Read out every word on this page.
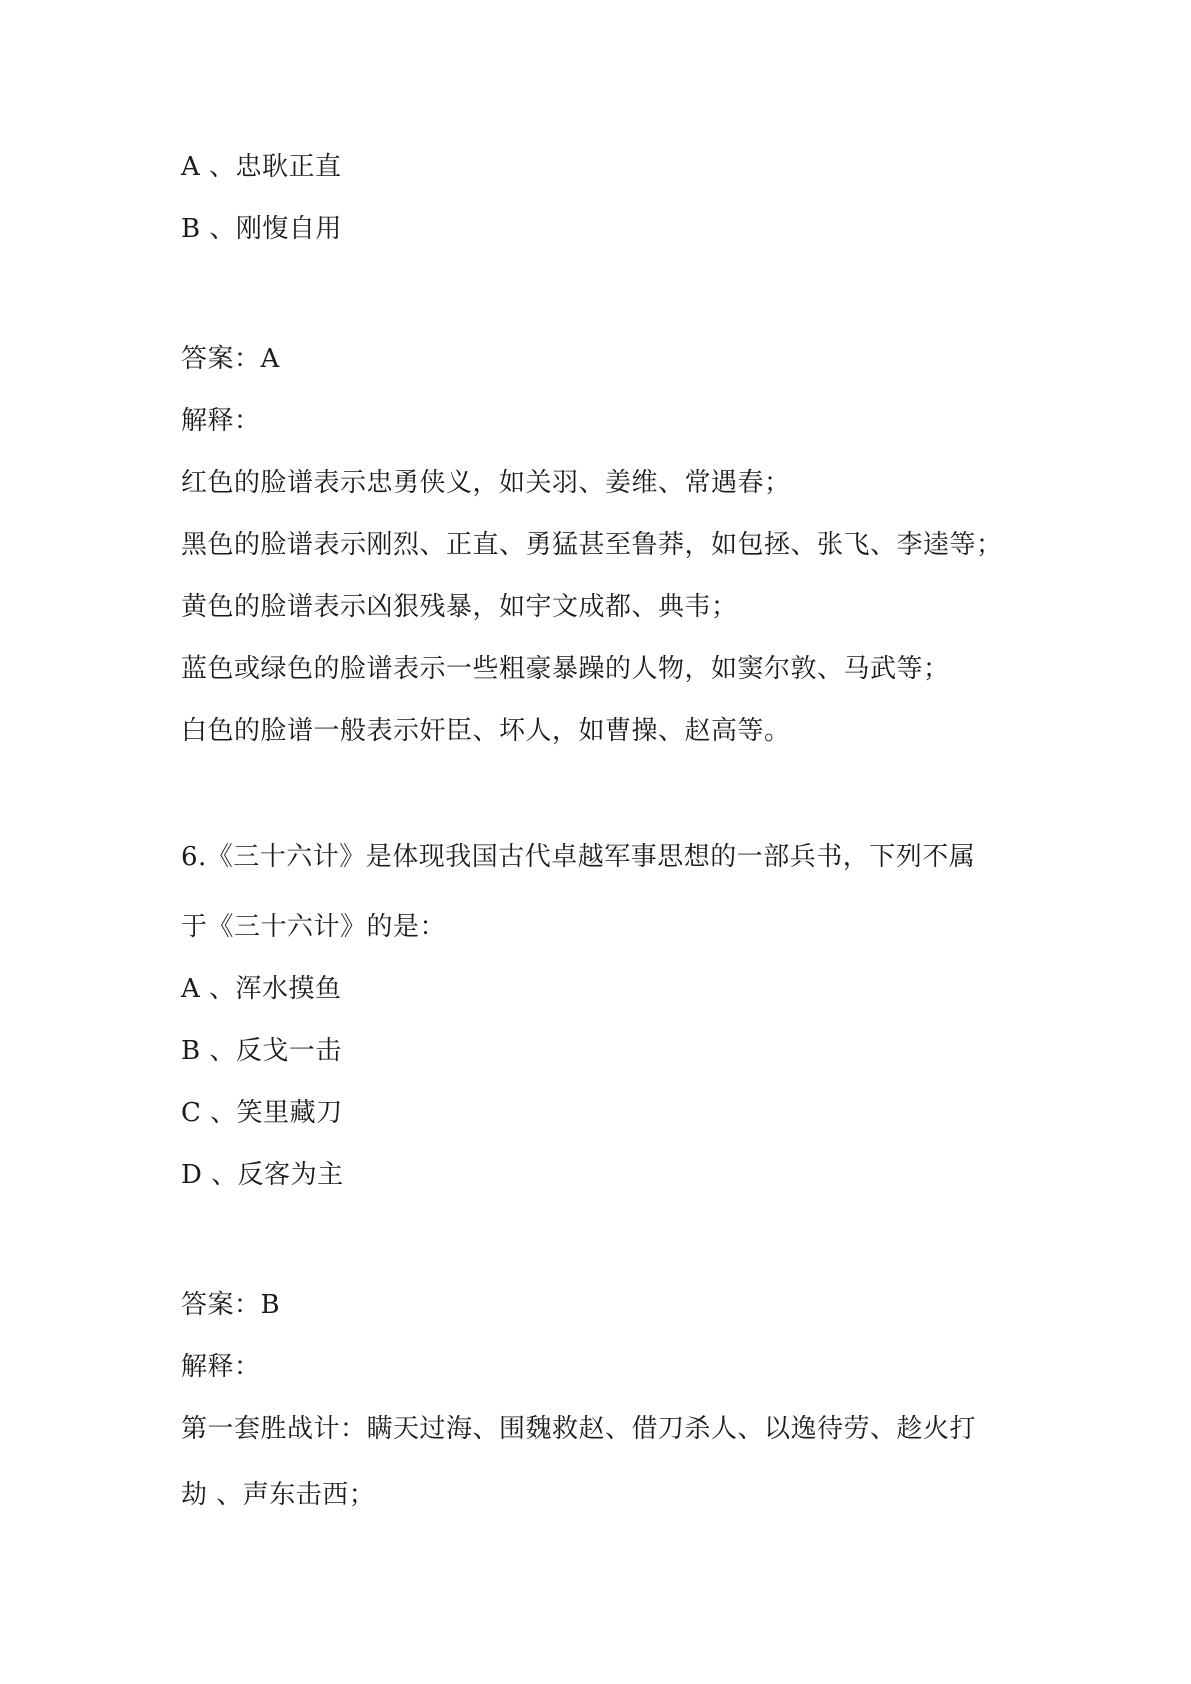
A 、忠耿正直
B 、刚愎自用
答案：A
解释：
红色的脸谱表示忠勇侠义，如关羽、姜维、常遇春；
黑色的脸谱表示刚烈、正直、勇猛甚至鲁莽，如包拯、张飞、李逵等；
黄色的脸谱表示凶狠残暴，如宇文成都、典韦；
蓝色或绿色的脸谱表示一些粗豪暴躁的人物，如窦尔敦、马武等；
白色的脸谱一般表示奸臣、坏人，如曹操、赵高等。
6.《三十六计》是体现我国古代卓越军事思想的一部兵书，下列不属
于《三十六计》的是：
A 、浑水摸鱼
B 、反戈一击
C 、笑里藏刀
D 、反客为主
答案：B
解释：
第一套胜战计：瞒天过海、围魏救赵、借刀杀人、以逸待劳、趁火打
劫 、声东击西；
